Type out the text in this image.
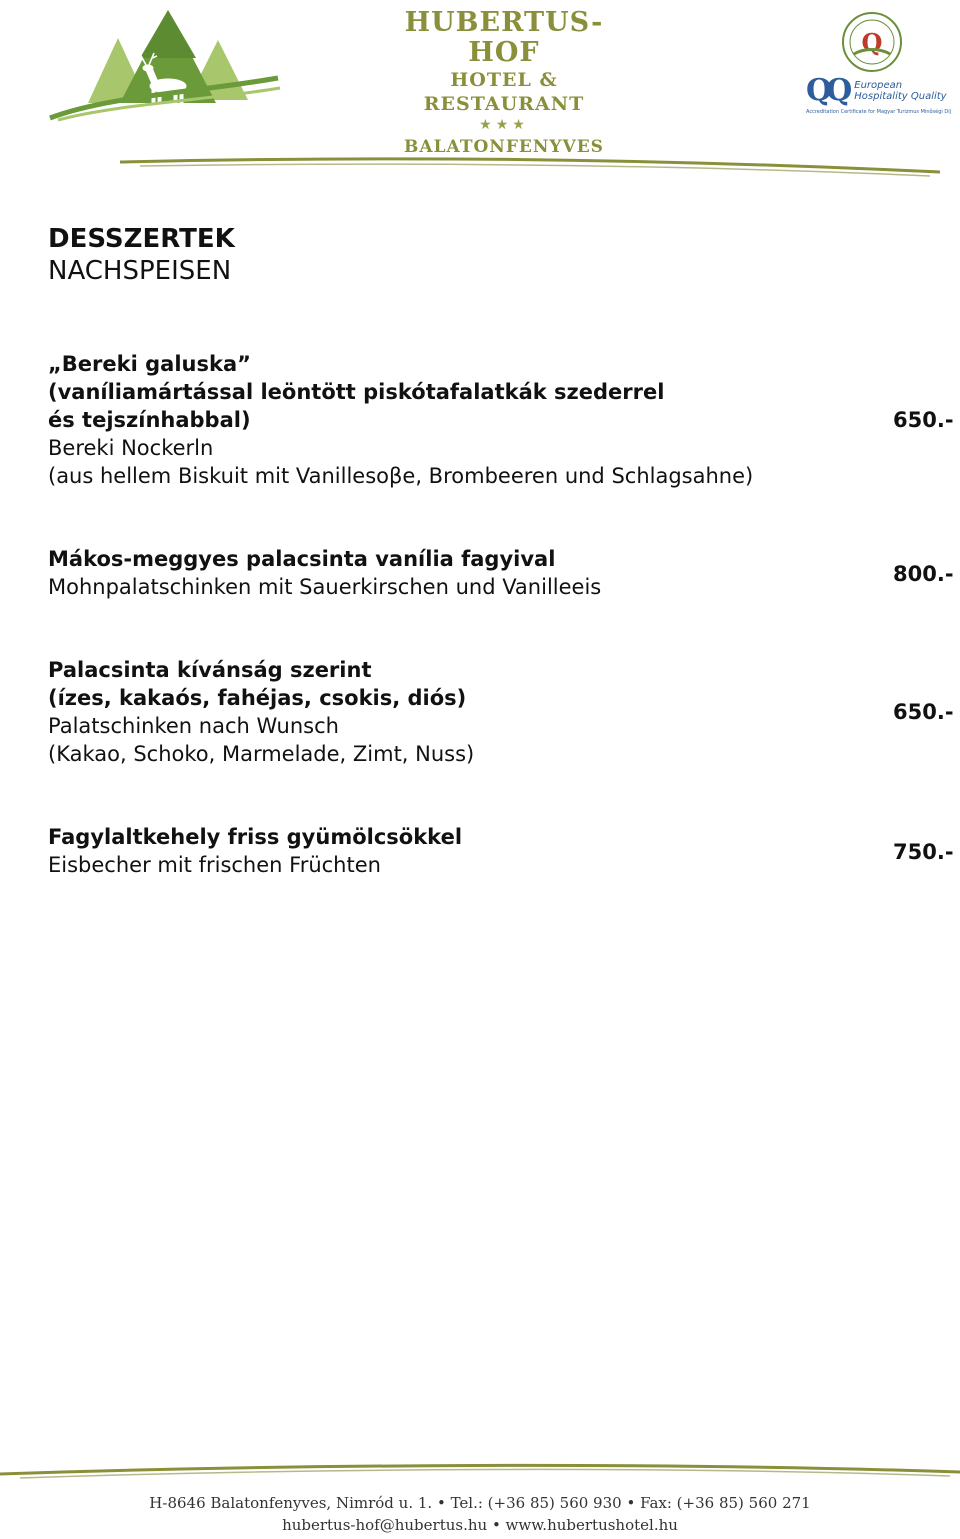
HUBERTUS-HOF
HOTEL & RESTAURANT
★★★
BALATONFENYVES
Q
QQ European
Hospitality Quality
Accreditation Certificate for Magyar Turizmus Minőségi Díj
DESSZERTEK
NACHSPEISEN
„Bereki galuska”
(vaníliamártással leöntött piskótafalatkák szederrel
és tejszínhabbal)
Bereki Nockerln
(aus hellem Biskuit mit Vanillesoβe, Brombeeren und Schlagsahne)
650.-
Mákos-meggyes palacsinta vanília fagyival
Mohnpalatschinken mit Sauerkirschen und Vanilleeis
800.-
Palacsinta kívánság szerint
(ízes, kakaós, fahéjas, csokis, diós)
Palatschinken nach Wunsch
(Kakao, Schoko, Marmelade, Zimt, Nuss)
650.-
Fagylaltkehely friss gyümölcsökkel
Eisbecher mit frischen Früchten
750.-
H-8646 Balatonfenyves, Nimród u. 1. • Tel.: (+36 85) 560 930 • Fax: (+36 85) 560 271
hubertus-hof@hubertus.hu • www.hubertushotel.hu
